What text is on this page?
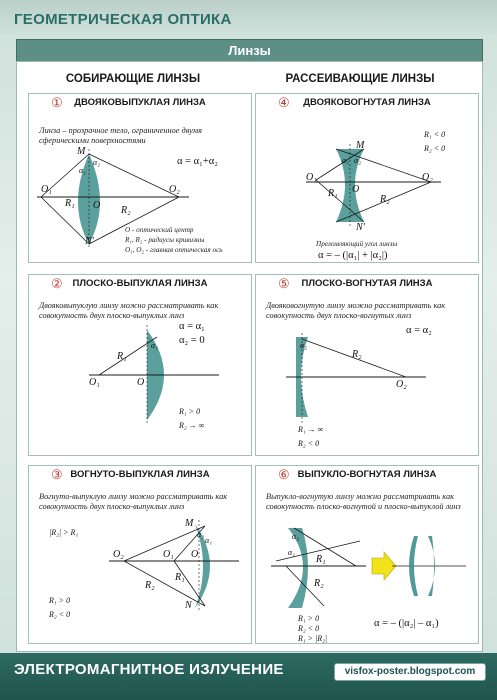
ГЕОМЕТРИЧЕСКАЯ ОПТИКА
Линзы
СОБИРАЮЩИЕ ЛИНЗЫ	РАССЕИВАЮЩИЕ ЛИНЗЫ
①	ДВОЯКОВЫПУКЛАЯ ЛИНЗА
Линза – прозрачное тело, ограниченное двумя сферическими поверхностями
M
N'
O₁	O₂
O
R₁
R₂
α₁
α₂	α = α₁+α₂
O - оптический центр
R₁, R₂ - радиусы кривизны
O₁, O₂ - главная оптическая ось
④	ДВОЯКОВОГНУТАЯ ЛИНЗА
M
N'
O₁	O₂
O
R₁
R₂
α₁ α₂
R₁ < 0
R₂ < 0
Преломляющий угол линзы
α = – (|α₁| + |α₂|)
②	ПЛОСКО-ВЫПУКЛАЯ ЛИНЗА
Двояковыпуклую линзу можно рассматривать как совокупность двух плоско-выпуклых линз
R₁
O₁	O
α₁
α = α₁
α₂ = 0
R₁ > 0
R₂ → ∞
⑤	ПЛОСКО-ВОГНУТАЯ ЛИНЗА
Двояковогнутую линзу можно рассматривать как совокупность двух плоско-вогнутых линз
R₂
O₂
α₂
α = α₂
R₁ → ∞
R₂ < 0
③ ВОГНУТО-ВЫПУКЛАЯ ЛИНЗА
Вогнуто-выпуклую линзу можно рассматривать как совокупность двух плоско-выпуклых линз
M
N
O₂	O₁ O
R₁
R₂
α₁
α₂
|R₂| > R₁
R₁ > 0
R₂ < 0
⑥ ВЫПУКЛО-ВОГНУТАЯ ЛИНЗА
Выпукло-вогнутую линзу можно рассматривать как совокупность плоско-вогнутой и плоско-выпуклой линз
R₁
R₂
α₁
α₂
R₁ > 0
R₂ < 0
R₁ > |R₂|
α = – (|α₂| – α₁)
ЭЛЕКТРОМАГНИТНОЕ ИЗЛУЧЕНИЕ	visfox-poster.blogspot.com
